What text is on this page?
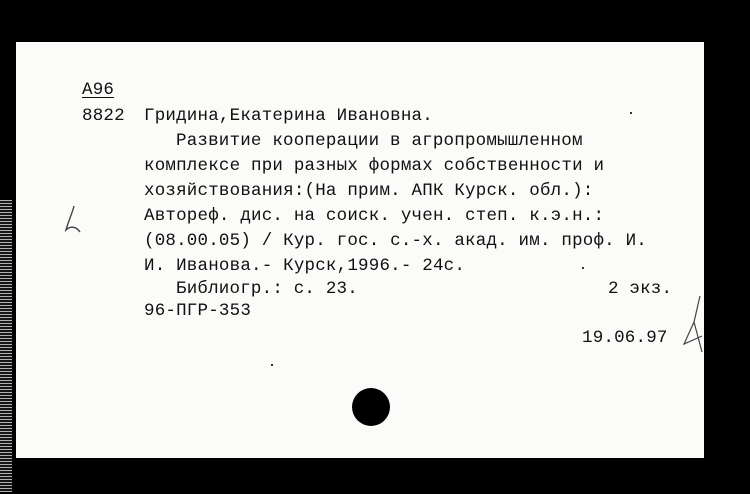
А96
8822 Гридина,Екатерина Ивановна.
Развитие кооперации в агропромышленном
комплексе при разных формах собственности и
хозяйствования:(На прим. АПК Курск. обл.):
Автореф. дис. на соиск. учен. степ. к.э.н.:
(08.00.05) / Кур. гос. с.-х. акад. им. проф. И.
И. Иванова.- Курск,1996.- 24с.
Библиогр.: с. 23.	2 экз.
96-ПГР-353
19.06.97
